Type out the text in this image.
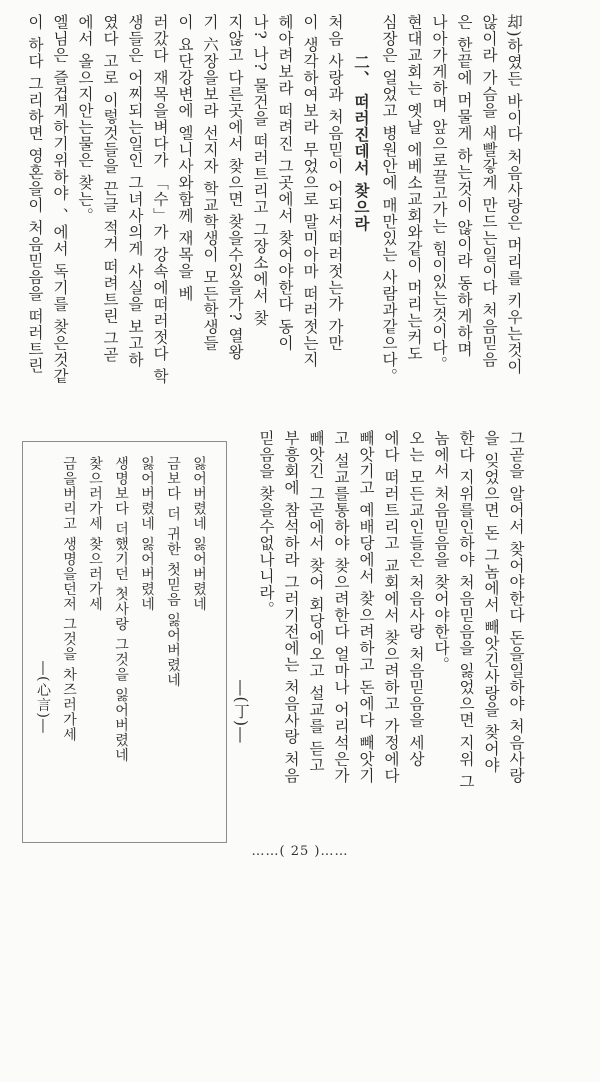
却)하였든 바이다 처음사랑은 머리를 키우는것이

않이라 가슴을 새빨갛게 만드는일이다 처음믿음

은 한끝에 머물게 하는것이 않이라 동하게하며

나아가게하며 앞으로끌고가는 힘이있는것이다。

현대교회는 옛날 에베소교회와같이 머리는커도

심장은 얼었고 병원안에 매만있는 사람과같으다。

二、 떠러진데서 찾으라

처음 사랑과 처음믿이 어되서떠러젓는가 가만

이 생각하여보라 무었으로 말미아마 떠러젓는지

헤아려보라 떠려진 그곳에서 찾어야한다 동이

나? 나? 물건을 떠러트리고 그장소에서 찾

지않고 다른곳에서 찾으면 찾을수있을가? 열왕

기 六장을보라 선지자 학교학생이 모든학생들

이 요단강변에 엘니사와함께 재목을 베

러갔다 재목을벼다가 「수」가 강속에떠러젓다 학

생들은 어찌되는일인 그녀사의게 사실을 보고하

였다 고로 이렇것들을 끈글 적거 떠려트린 그곧

에서 올으지안는물은 찾는。

엘님은 즐겁게하기위하야 、에서 독기를 찾은것같

이 하다 그리하면 영혼을이 처음믿음을 떠러트린

그곧을 알어서 찾어야한다 돈을일하야 처음사랑

을 잊었으면 돈 그놈에서 빼앗긴사랑을 찾어야

한다 지위를인하야 처음믿음을 잃었으면 지위 그

놈에서 처음믿음을 찾어야한다。

오는 모든교인들은 처음사랑 처음믿음을 세상

에다 떠러트리고 교회에서 찾으려하고 가정에다

빼앗기고 예배당에서 찾으려하고 돈에다 빼앗기

고 설교를통하야 찾으려한다 얼마나 어리석은가

빼앗긴 그곧에서 찾어 회당에오고 설교를 듣고

부흥회에 참석하라 그러기전에는 처음사랑 처음

믿음을 찾을수없나니라。

―(丁)―

잃어버렸네 잃어버렸네

금보다 더 귀한 첫믿음 잃어버렸네

잃어버렸네 잃어버렸네

생명보다 더했기던 첫사랑 그것을 잃어버렸네

찾으러가세 찾으러가세

금을버리고 생명을던저 그것을 차즈러가세

―(心言)―

……( 25 )……
